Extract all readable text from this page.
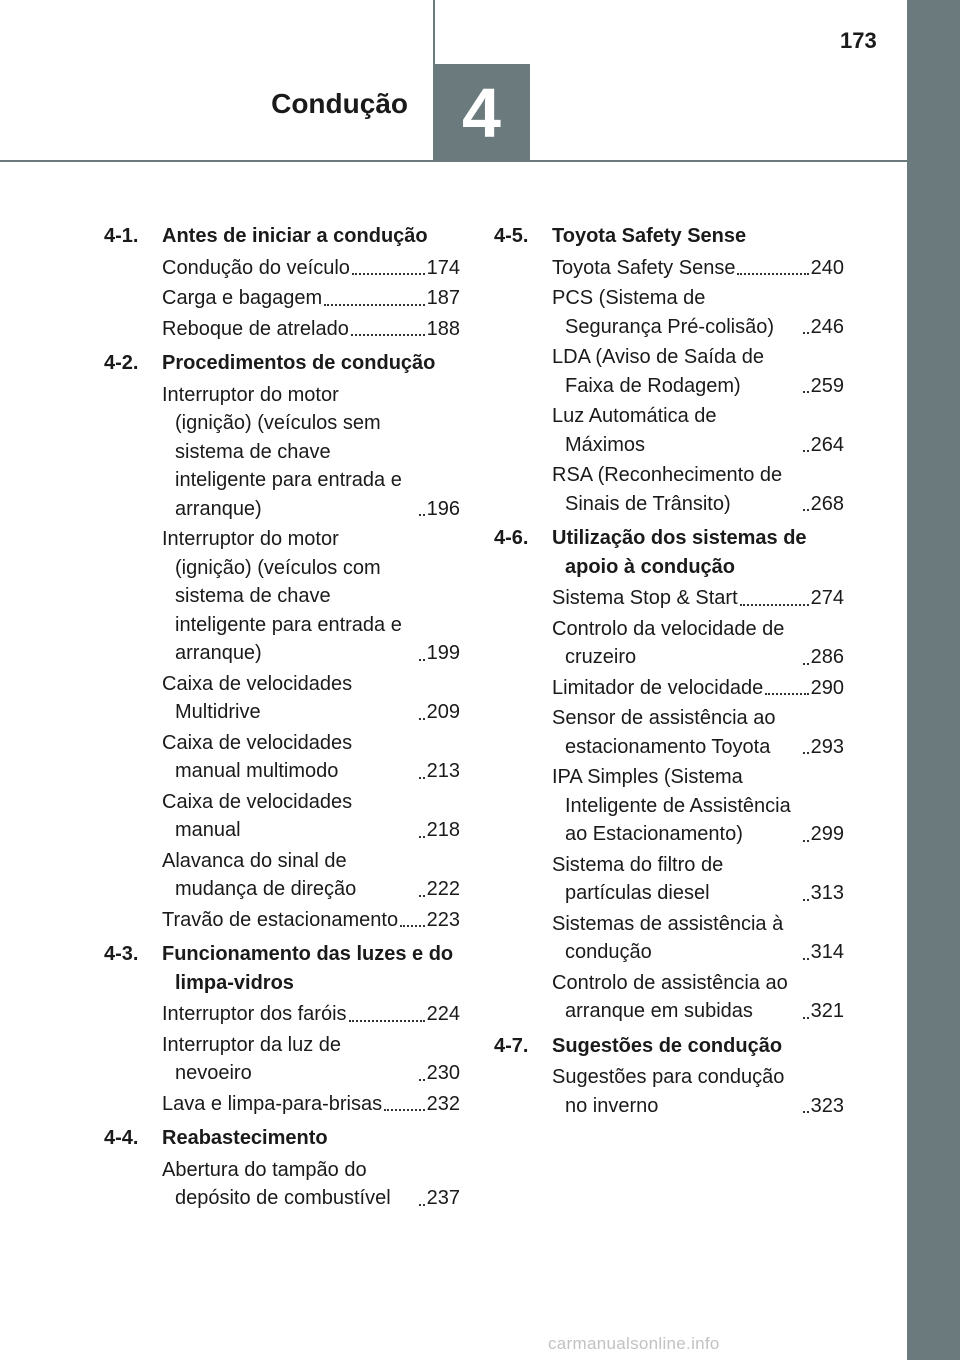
173
Condução 4
4-1.	Antes de iniciar a condução
Condução do veículo	174
Carga e bagagem	187
Reboque de atrelado	188
4-2.	Procedimentos de condução
Interruptor do motor (ignição) (veículos sem sistema de chave inteligente para entrada e arranque)	196
Interruptor do motor (ignição) (veículos com sistema de chave inteligente para entrada e arranque)	199
Caixa de velocidades Multidrive	209
Caixa de velocidades manual multimodo	213
Caixa de velocidades manual	218
Alavanca do sinal de mudança de direção	222
Travão de estacionamento 223
4-3.	Funcionamento das luzes e do limpa-vidros
Interruptor dos faróis	224
Interruptor da luz de nevoeiro	230
Lava e limpa-para-brisas 232
4-4.	Reabastecimento
Abertura do tampão do depósito de combustível	237
4-5.	Toyota Safety Sense
Toyota Safety Sense	240
PCS (Sistema de Segurança Pré-colisão)	246
LDA (Aviso de Saída de Faixa de Rodagem)	259
Luz Automática de Máximos	264
RSA (Reconhecimento de Sinais de Trânsito)	268
4-6.	Utilização dos sistemas de apoio à condução
Sistema Stop & Start	274
Controlo da velocidade de cruzeiro	286
Limitador de velocidade 290
Sensor de assistência ao estacionamento Toyota	293
IPA Simples (Sistema Inteligente de Assistência ao Estacionamento)	299
Sistema do filtro de partículas diesel	313
Sistemas de assistência à condução	314
Controlo de assistência ao arranque em subidas	321
4-7.	Sugestões de condução
Sugestões para condução no inverno	323
carmanualsonline.info
